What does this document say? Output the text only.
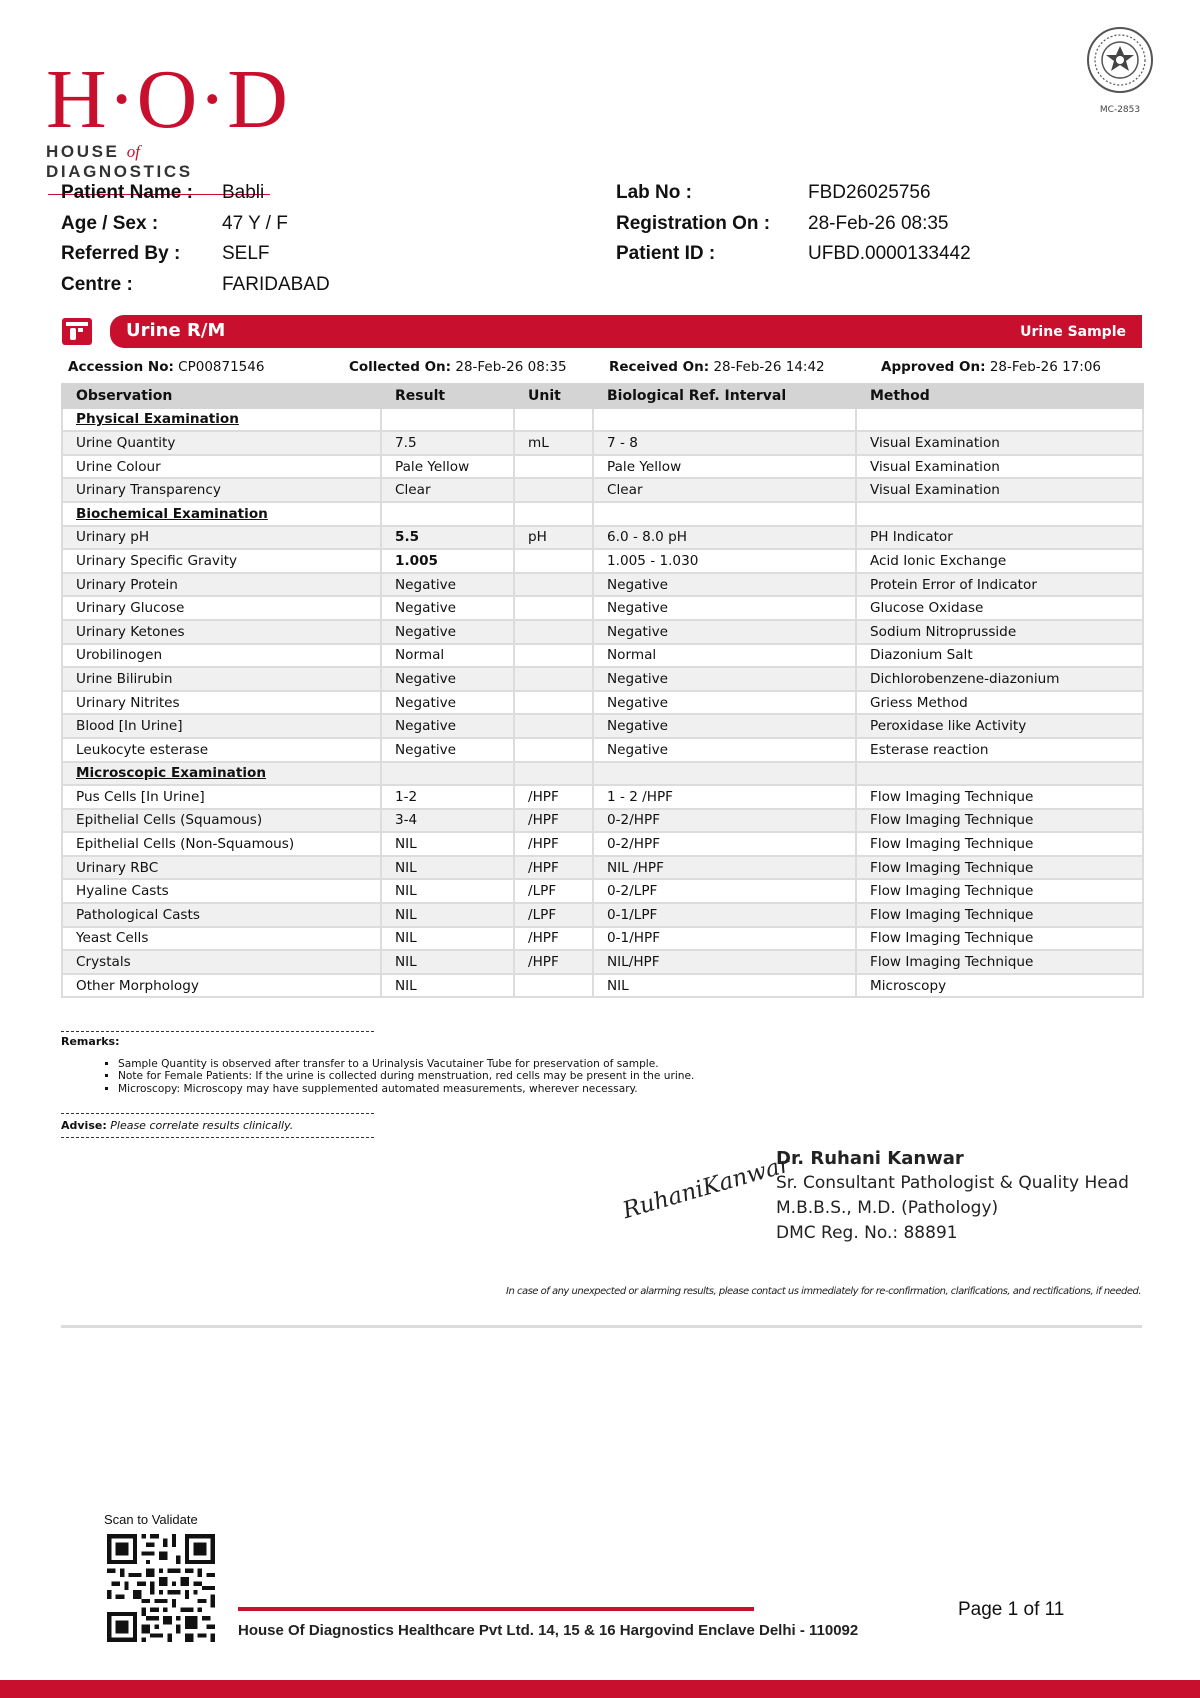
H·O·D
HOUSE of DIAGNOSTICS
MC-2853
Patient Name : Babli
Age / Sex :	47 Y / F
Referred By : SELF
Centre :	FARIDABAD
Lab No :	FBD26025756
Registration On : 28-Feb-26 08:35
Patient ID :	UFBD.0000133442
Urine R/M	Urine Sample
Accession No: CP00871546	Collected On: 28-Feb-26 08:35	Received On: 28-Feb-26 14:42	Approved On: 28-Feb-26 17:06
Observation	Result	Unit	Biological Ref. Interval	Method
Physical Examination				
Urine Quantity	7.5	mL	7 - 8	Visual Examination
Urine Colour	Pale Yellow		Pale Yellow	Visual Examination
Urinary Transparency	Clear		Clear	Visual Examination
Biochemical Examination				
Urinary pH	5.5	pH	6.0 - 8.0 pH	PH Indicator
Urinary Specific Gravity	1.005		1.005 - 1.030	Acid Ionic Exchange
Urinary Protein	Negative		Negative	Protein Error of Indicator
Urinary Glucose	Negative		Negative	Glucose Oxidase
Urinary Ketones	Negative		Negative	Sodium Nitroprusside
Urobilinogen	Normal		Normal	Diazonium Salt
Urine Bilirubin	Negative		Negative	Dichlorobenzene-diazonium
Urinary Nitrites	Negative		Negative	Griess Method
Blood [In Urine]	Negative		Negative	Peroxidase like Activity
Leukocyte esterase	Negative		Negative	Esterase reaction
Microscopic Examination				
Pus Cells [In Urine]	1-2	/HPF	1 - 2 /HPF	Flow Imaging Technique
Epithelial Cells (Squamous)	3-4	/HPF	0-2/HPF	Flow Imaging Technique
Epithelial Cells (Non-Squamous)	NIL	/HPF	0-2/HPF	Flow Imaging Technique
Urinary RBC	NIL	/HPF	NIL /HPF	Flow Imaging Technique
Hyaline Casts	NIL	/LPF	0-2/LPF	Flow Imaging Technique
Pathological Casts	NIL	/LPF	0-1/LPF	Flow Imaging Technique
Yeast Cells	NIL	/HPF	0-1/HPF	Flow Imaging Technique
Crystals	NIL	/HPF	NIL/HPF	Flow Imaging Technique
Other Morphology	NIL		NIL	Microscopy
Remarks:
▪ Sample Quantity is observed after transfer to a Urinalysis Vacutainer Tube for preservation of sample.
▪ Note for Female Patients: If the urine is collected during menstruation, red cells may be present in the urine.
▪ Microscopy: Microscopy may have supplemented automated measurements, wherever necessary.
Advise: Please correlate results clinically.
RuhaniKanwar
Dr. Ruhani Kanwar
Sr. Consultant Pathologist & Quality Head
M.B.B.S., M.D. (Pathology)
DMC Reg. No.: 88891
In case of any unexpected or alarming results, please contact us immediately for re-confirmation, clarifications, and rectifications, if needed.
Scan to Validate
House Of Diagnostics Healthcare Pvt Ltd. 14, 15 & 16 Hargovind Enclave Delhi - 110092
Page 1 of 11
